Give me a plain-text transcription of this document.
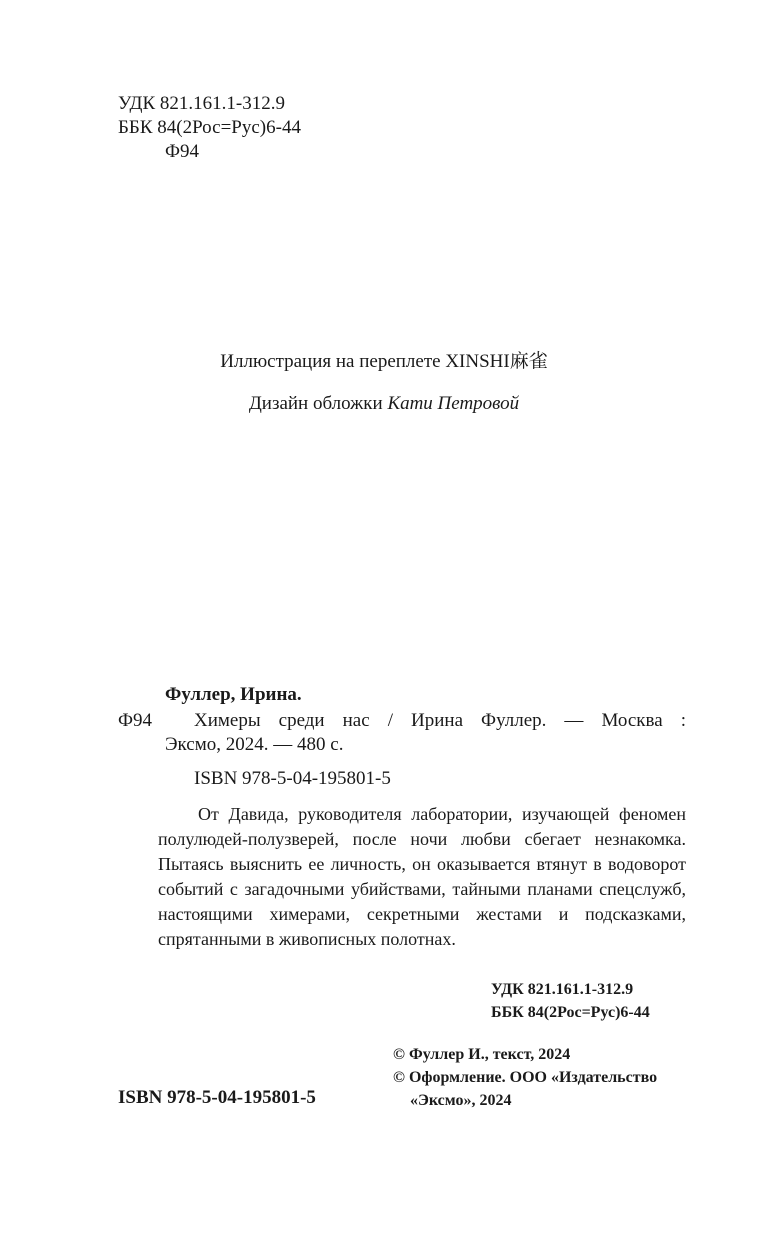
УДК 821.161.1-312.9
ББК 84(2Рос=Рус)6-44
Ф94
Иллюстрация на переплете XINSHI麻雀
Дизайн обложки Кати Петровой
Фуллер, Ирина.
Ф94 Химеры среди нас / Ирина Фуллер. — Москва :
Эксмо, 2024. — 480 с.
ISBN 978-5-04-195801-5

От Давида, руководителя лаборатории, изучающей феномен полулюдей-полузверей, после ночи любви сбегает незнакомка. Пытаясь выяснить ее личность, он оказывается втянут в водоворот событий с загадочными убийствами, тайными планами спецслужб, настоящими химерами, секретными жестами и подсказками, спрятанными в живописных полотнах.

УДК 821.161.1-312.9
ББК 84(2Рос=Рус)6-44
© Фуллер И., текст, 2024
© Оформление. ООО «Издательство
«Эксмо», 2024
ISBN 978-5-04-195801-5
